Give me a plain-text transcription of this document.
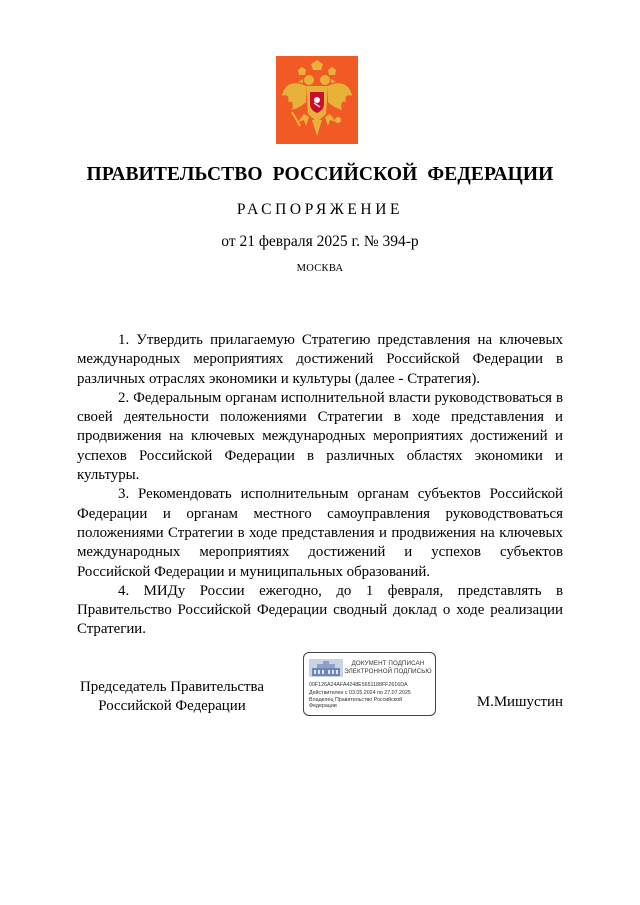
ПРАВИТЕЛЬСТВО РОССИЙСКОЙ ФЕДЕРАЦИИ
РАСПОРЯЖЕНИЕ
от 21 февраля 2025 г. № 394-р
МОСКВА

1. Утвердить прилагаемую Стратегию представления на ключевых международных мероприятиях достижений Российской Федерации в различных отраслях экономики и культуры (далее - Стратегия).

2. Федеральным органам исполнительной власти руководствоваться в своей деятельности положениями Стратегии в ходе представления и продвижения на ключевых международных мероприятиях достижений и успехов Российской Федерации в различных областях экономики и культуры.

3. Рекомендовать исполнительным органам субъектов Российской Федерации и органам местного самоуправления руководствоваться положениями Стратегии в ходе представления и продвижения на ключевых международных мероприятиях достижений и успехов субъектов Российской Федерации и муниципальных образований.

4. МИДу России ежегодно, до 1 февраля, представлять в Правительство Российской Федерации сводный доклад о ходе реализации Стратегии.

Председатель Правительства
Российской Федерации
ДОКУМЕНТ ПОДПИСАН
ЭЛЕКТРОННОЙ ПОДПИСЬЮ
00F126A24AFA4248E5651188FF2616DA
Действителен с 03.05.2024 по 27.07.2025
Владелец Правительство Российской Федерации	М.Мишустин
